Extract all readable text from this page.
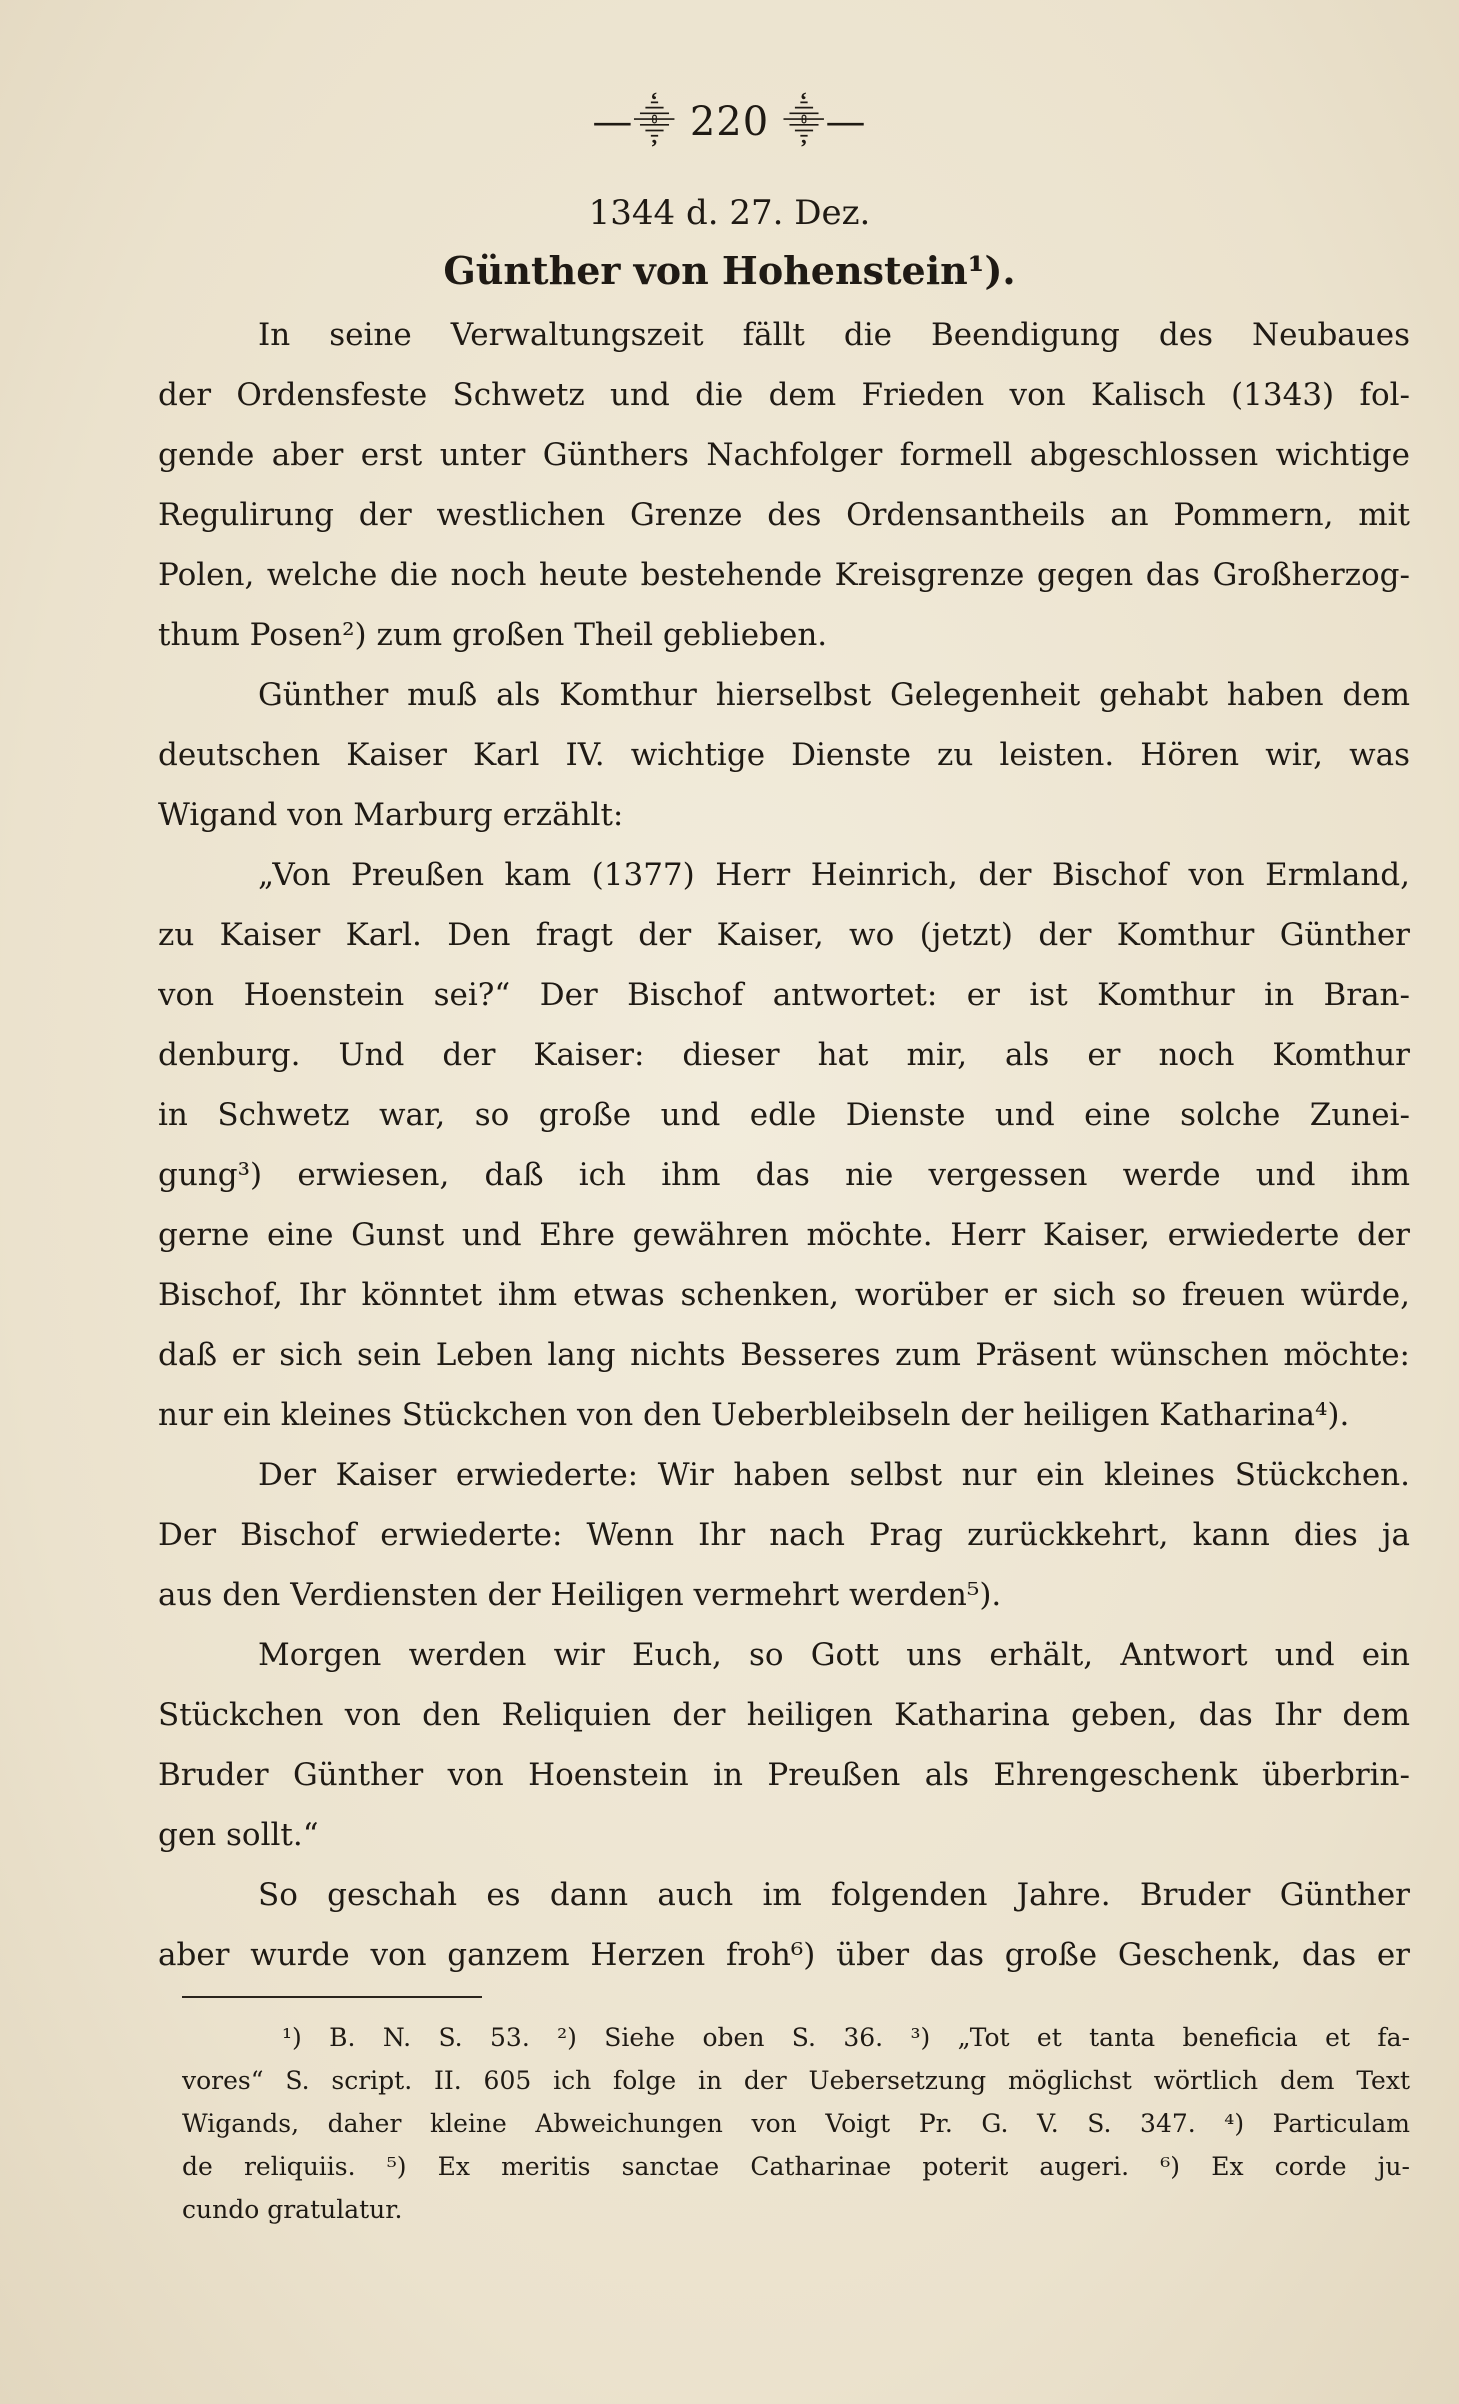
—⸎ 220 ⸎—
1344 d. 27. Dez.
Günther von Hohenstein¹).
In seine Verwaltungszeit fällt die Beendigung des Neubaues
der Ordensfeste Schwetz und die dem Frieden von Kalisch (1343) fol-
gende aber erst unter Günthers Nachfolger formell abgeschlossen wichtige
Regulirung der westlichen Grenze des Ordensantheils an Pommern, mit
Polen, welche die noch heute bestehende Kreisgrenze gegen das Großherzog-
thum Posen²) zum großen Theil geblieben.
Günther muß als Komthur hierselbst Gelegenheit gehabt haben dem
deutschen Kaiser Karl IV. wichtige Dienste zu leisten. Hören wir, was
Wigand von Marburg erzählt:
„Von Preußen kam (1377) Herr Heinrich, der Bischof von Ermland,
zu Kaiser Karl. Den fragt der Kaiser, wo (jetzt) der Komthur Günther
von Hoenstein sei?“ Der Bischof antwortet: er ist Komthur in Bran-
denburg. Und der Kaiser: dieser hat mir, als er noch Komthur
in Schwetz war, so große und edle Dienste und eine solche Zunei-
gung³) erwiesen, daß ich ihm das nie vergessen werde und ihm
gerne eine Gunst und Ehre gewähren möchte. Herr Kaiser, erwiederte der
Bischof, Ihr könntet ihm etwas schenken, worüber er sich so freuen würde,
daß er sich sein Leben lang nichts Besseres zum Präsent wünschen möchte:
nur ein kleines Stückchen von den Ueberbleibseln der heiligen Katharina⁴).
Der Kaiser erwiederte: Wir haben selbst nur ein kleines Stückchen.
Der Bischof erwiederte: Wenn Ihr nach Prag zurückkehrt, kann dies ja
aus den Verdiensten der Heiligen vermehrt werden⁵).
Morgen werden wir Euch, so Gott uns erhält, Antwort und ein
Stückchen von den Reliquien der heiligen Katharina geben, das Ihr dem
Bruder Günther von Hoenstein in Preußen als Ehrengeschenk überbrin-
gen sollt.“
So geschah es dann auch im folgenden Jahre. Bruder Günther
aber wurde von ganzem Herzen froh⁶) über das große Geschenk, das er
¹) B. N. S. 53. ²) Siehe oben S. 36. ³) „Tot et tanta beneficia et fa-
vores“ S. script. II. 605 ich folge in der Uebersetzung möglichst wörtlich dem Text
Wigands, daher kleine Abweichungen von Voigt Pr. G. V. S. 347. ⁴) Particulam
de reliquiis. ⁵) Ex meritis sanctae Catharinae poterit augeri. ⁶) Ex corde ju-
cundo gratulatur.
